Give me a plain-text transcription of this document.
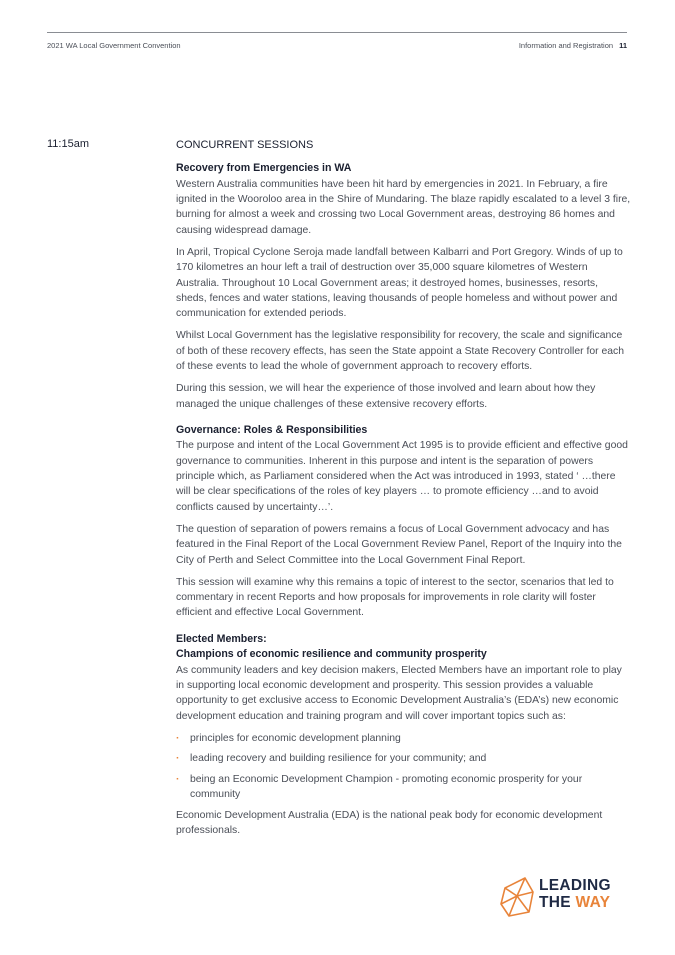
2021 WA Local Government Convention	Information and Registration 11
11:15am	CONCURRENT SESSIONS
Recovery from Emergencies in WA

Western Australia communities have been hit hard by emergencies in 2021. In February, a fire ignited in the Wooroloo area in the Shire of Mundaring. The blaze rapidly escalated to a level 3 fire, burning for almost a week and crossing two Local Government areas, destroying 86 homes and causing widespread damage.

In April, Tropical Cyclone Seroja made landfall between Kalbarri and Port Gregory. Winds of up to 170 kilometres an hour left a trail of destruction over 35,000 square kilometres of Western Australia. Throughout 10 Local Government areas; it destroyed homes, businesses, resorts, sheds, fences and water stations, leaving thousands of people homeless and without power and communication for extended periods.

Whilst Local Government has the legislative responsibility for recovery, the scale and significance of both of these recovery effects, has seen the State appoint a State Recovery Controller for each of these events to lead the whole of government approach to recovery efforts.

During this session, we will hear the experience of those involved and learn about how they managed the unique challenges of these extensive recovery efforts.

Governance: Roles & Responsibilities

The purpose and intent of the Local Government Act 1995 is to provide efficient and effective good governance to communities. Inherent in this purpose and intent is the separation of powers principle which, as Parliament considered when the Act was introduced in 1993, stated ‘ …there will be clear specifications of the roles of key players … to promote efficiency …and to avoid conflicts caused by uncertainty…’.

The question of separation of powers remains a focus of Local Government advocacy and has featured in the Final Report of the Local Government Review Panel, Report of the Inquiry into the City of Perth and Select Committee into the Local Government Final Report.

This session will examine why this remains a topic of interest to the sector, scenarios that led to commentary in recent Reports and how proposals for improvements in role clarity will foster efficient and effective Local Government.

Elected Members:
Champions of economic resilience and community prosperity

As community leaders and key decision makers, Elected Members have an important role to play in supporting local economic development and prosperity. This session provides a valuable opportunity to get exclusive access to Economic Development Australia’s (EDA’s) new economic development education and training program and will cover important topics such as:

· principles for economic development planning
· leading recovery and building resilience for your community; and
· being an Economic Development Champion - promoting economic prosperity for your community

Economic Development Australia (EDA) is the national peak body for economic development professionals.

LEADING
THE WAY
